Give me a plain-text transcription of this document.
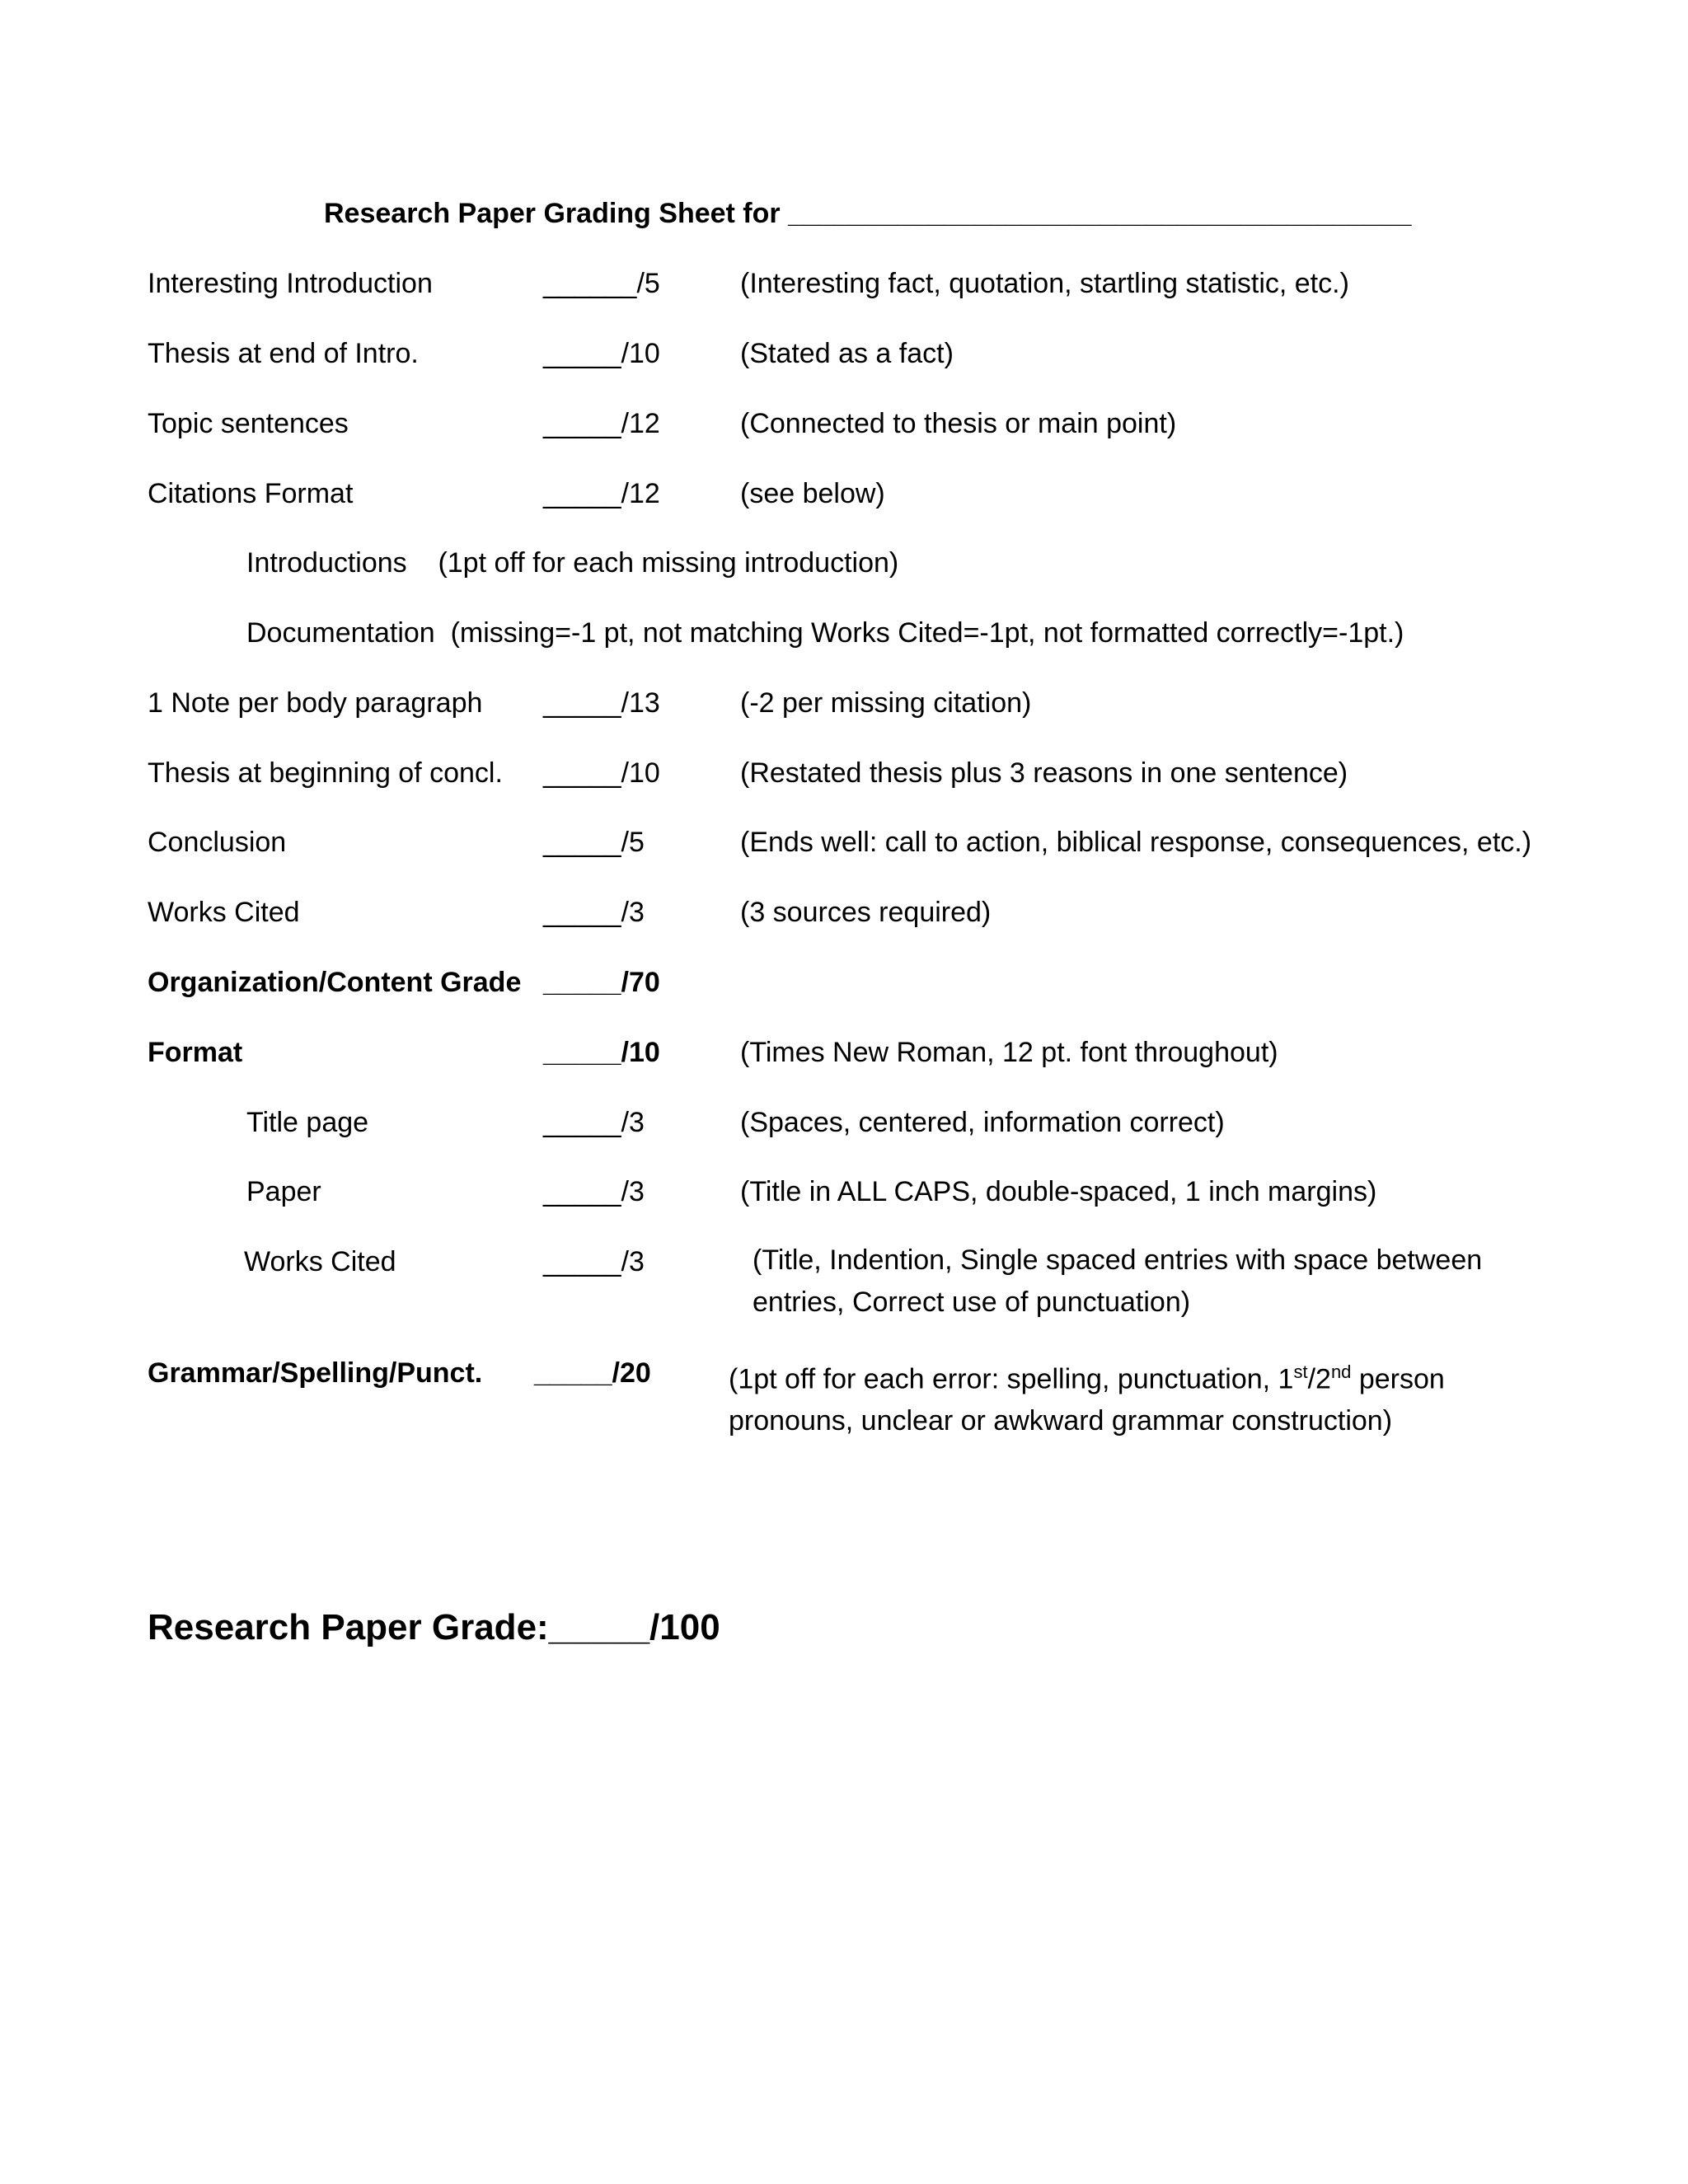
Research Paper Grading Sheet for ________________________________________
Interesting Introduction	______/5	(Interesting fact, quotation, startling statistic, etc.)
Thesis at end of Intro.	_____/10	(Stated as a fact)
Topic sentences	_____/12	(Connected to thesis or main point)
Citations Format	_____/12	(see below)
Introductions    (1pt off for each missing introduction)
Documentation  (missing=-1 pt, not matching Works Cited=-1pt, not formatted correctly=-1pt.)
1 Note per body paragraph _____/13	(-2 per missing citation)
Thesis at beginning of concl. _____/10	(Restated thesis plus 3 reasons in one sentence)
Conclusion	_____/5	(Ends well: call to action, biblical response, consequences, etc.)
Works Cited	_____/3	(3 sources required)
Organization/Content Grade _____/70
Format	_____/10	(Times New Roman, 12 pt. font throughout)
Title page	_____/3	(Spaces, centered, information correct)
Paper	_____/3	(Title in ALL CAPS, double-spaced, 1 inch margins)
Works Cited	_____/3	(Title, Indention, Single spaced entries with space between entries, Correct use of punctuation)
Grammar/Spelling/Punct. _____/20	(1pt off for each error: spelling, punctuation, 1st/2nd person pronouns, unclear or awkward grammar construction)
Research Paper Grade:_____/100
